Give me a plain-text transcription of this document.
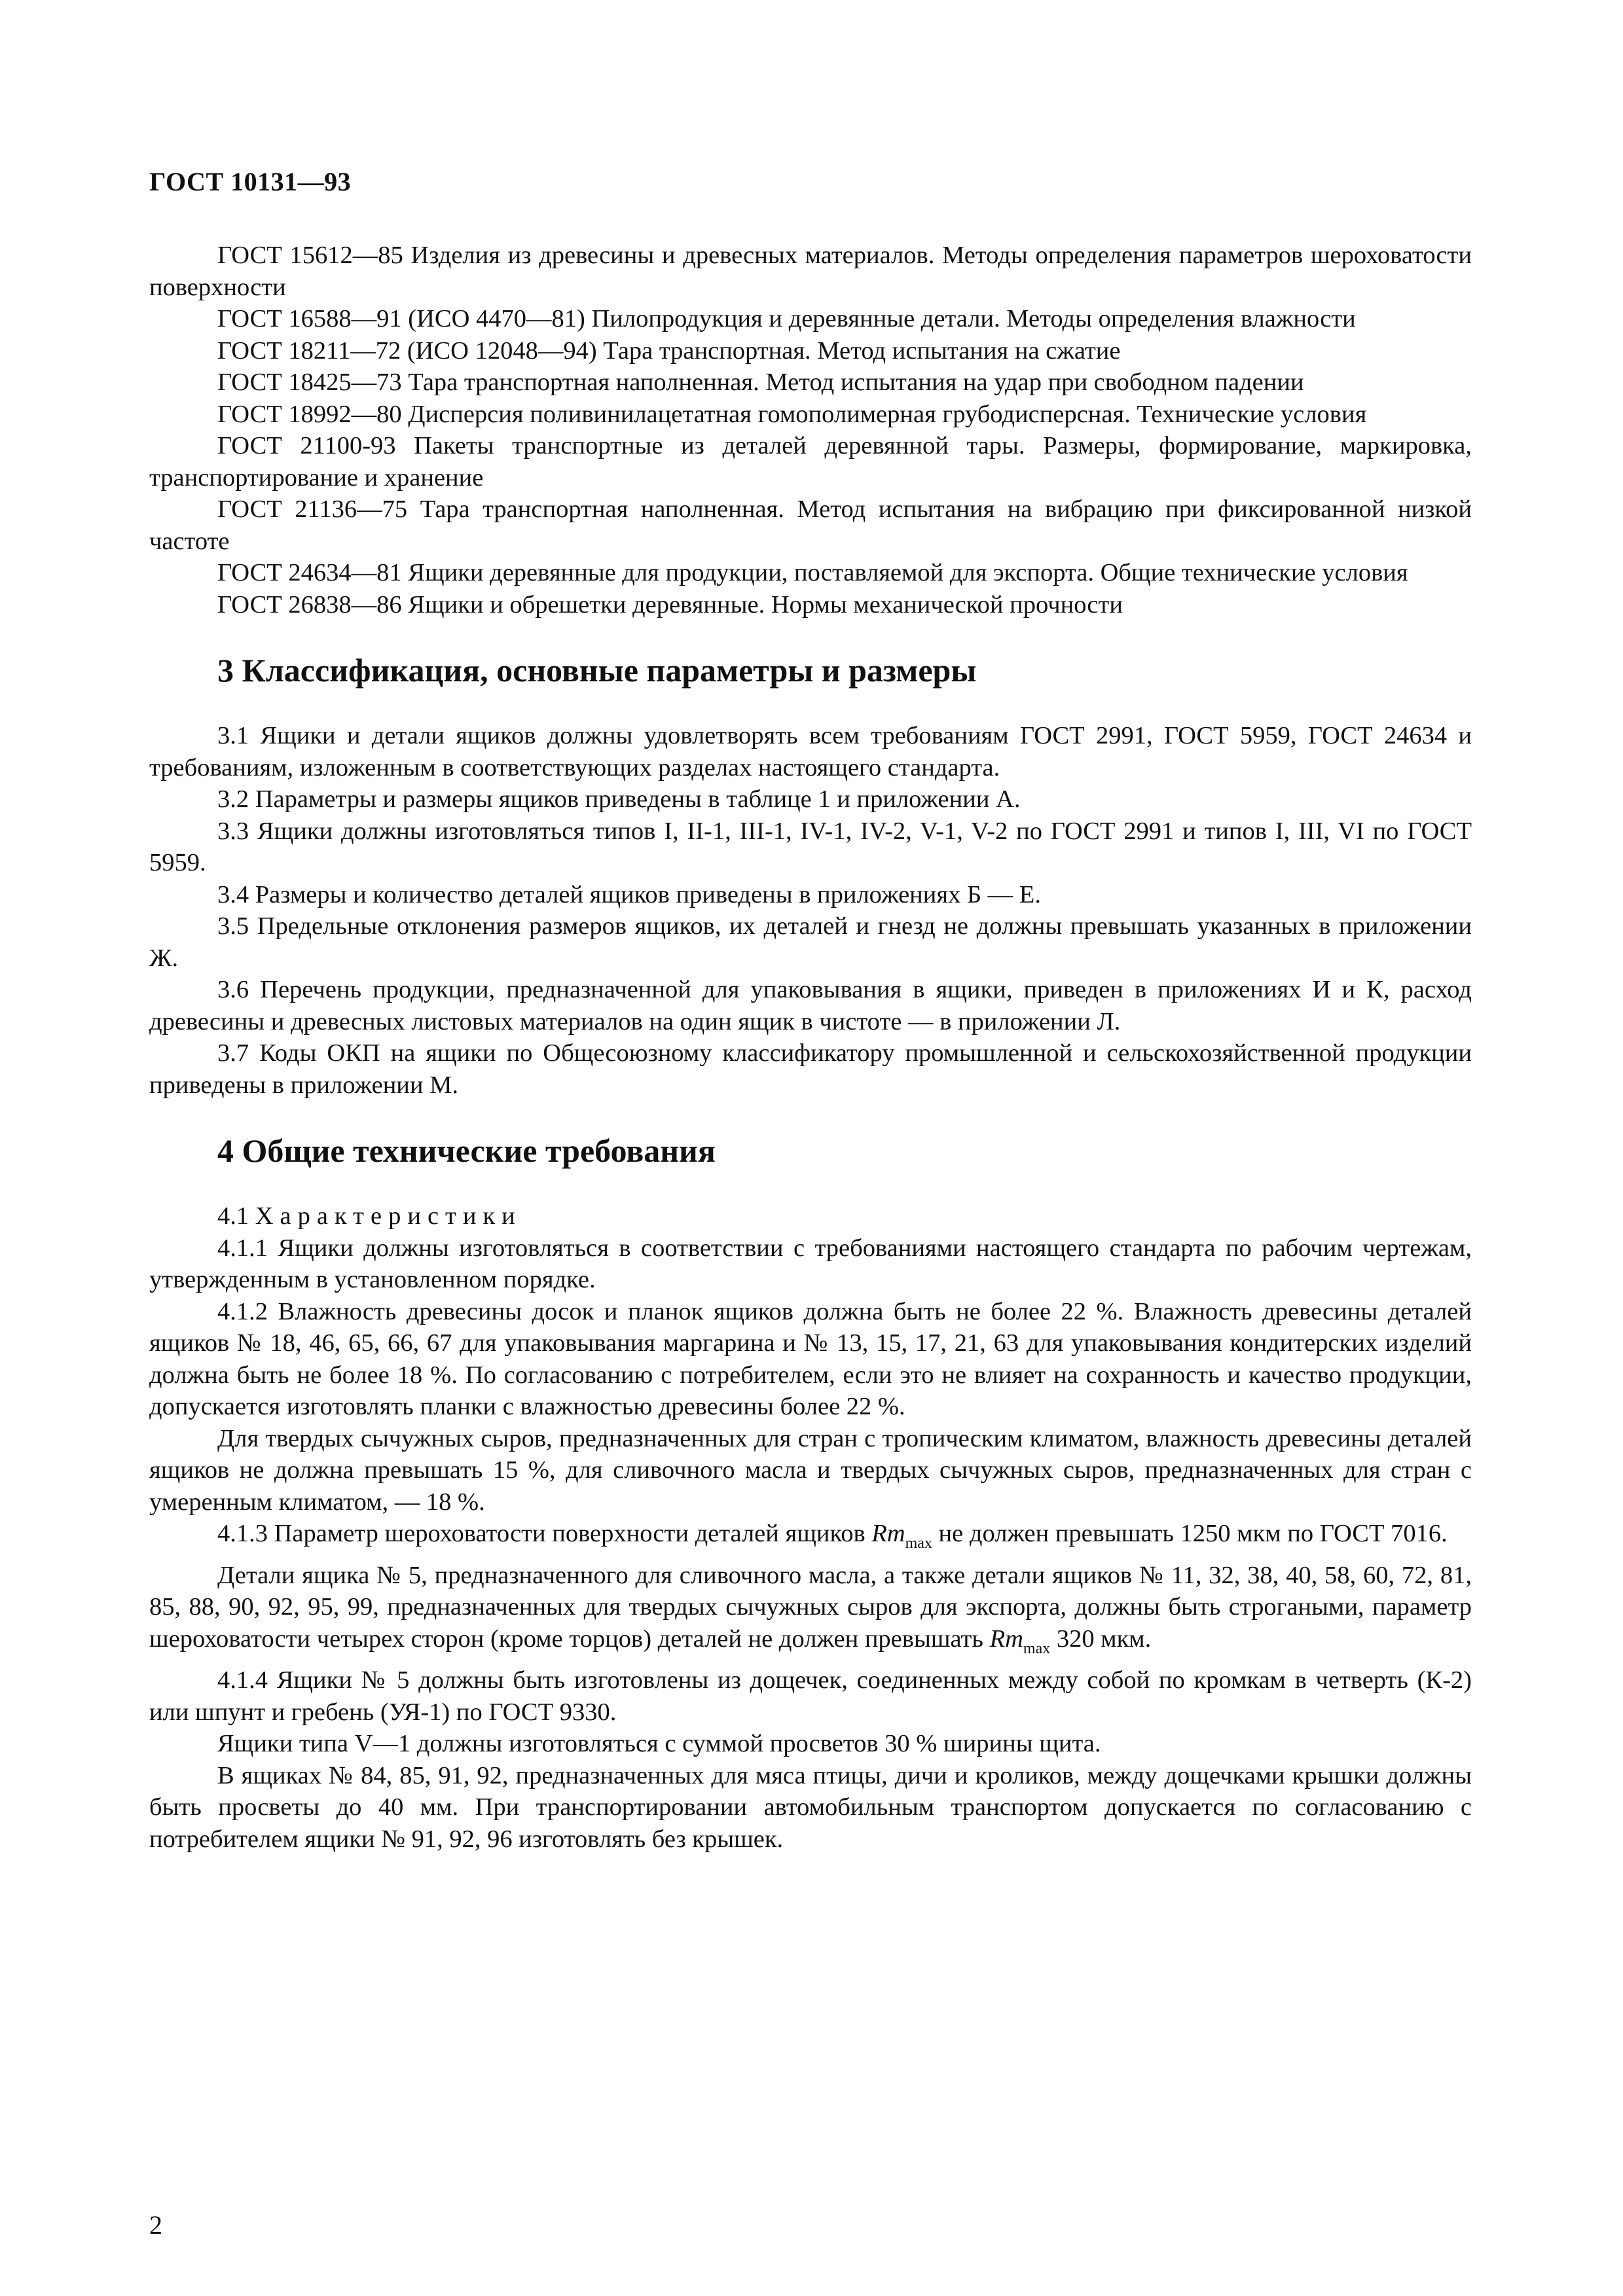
ГОСТ 10131—93

ГОСТ 15612—85 Изделия из древесины и древесных материалов. Методы определения параметров шероховатости поверхности

ГОСТ 16588—91 (ИСО 4470—81) Пилопродукция и деревянные детали. Методы определения влажности

ГОСТ 18211—72 (ИСО 12048—94) Тара транспортная. Метод испытания на сжатие

ГОСТ 18425—73 Тара транспортная наполненная. Метод испытания на удар при свободном падении

ГОСТ 18992—80 Дисперсия поливинилацетатная гомополимерная грубодисперсная. Технические условия

ГОСТ 21100-93 Пакеты транспортные из деталей деревянной тары. Размеры, формирование, маркировка, транспортирование и хранение

ГОСТ 21136—75 Тара транспортная наполненная. Метод испытания на вибрацию при фиксированной низкой частоте

ГОСТ 24634—81 Ящики деревянные для продукции, поставляемой для экспорта. Общие технические условия

ГОСТ 26838—86 Ящики и обрешетки деревянные. Нормы механической прочности

3 Классификация, основные параметры и размеры

3.1 Ящики и детали ящиков должны удовлетворять всем требованиям ГОСТ 2991, ГОСТ 5959, ГОСТ 24634 и требованиям, изложенным в соответствующих разделах настоящего стандарта.

3.2 Параметры и размеры ящиков приведены в таблице 1 и приложении А.

3.3 Ящики должны изготовляться типов I, II-1, III-1, IV-1, IV-2, V-1, V-2 по ГОСТ 2991 и типов I, III, VI по ГОСТ 5959.

3.4 Размеры и количество деталей ящиков приведены в приложениях Б — Е.

3.5 Предельные отклонения размеров ящиков, их деталей и гнезд не должны превышать указанных в приложении Ж.

3.6 Перечень продукции, предназначенной для упаковывания в ящики, приведен в приложениях И и К, расход древесины и древесных листовых материалов на один ящик в чистоте — в приложении Л.

3.7 Коды ОКП на ящики по Общесоюзному классификатору промышленной и сельскохозяйственной продукции приведены в приложении М.

4 Общие технические требования

4.1 Характеристики

4.1.1 Ящики должны изготовляться в соответствии с требованиями настоящего стандарта по рабочим чертежам, утвержденным в установленном порядке.

4.1.2 Влажность древесины досок и планок ящиков должна быть не более 22 %. Влажность древесины деталей ящиков № 18, 46, 65, 66, 67 для упаковывания маргарина и № 13, 15, 17, 21, 63 для упаковывания кондитерских изделий должна быть не более 18 %. По согласованию с потребителем, если это не влияет на сохранность и качество продукции, допускается изготовлять планки с влажностью древесины более 22 %.

Для твердых сычужных сыров, предназначенных для стран с тропическим климатом, влажность древесины деталей ящиков не должна превышать 15 %, для сливочного масла и твердых сычужных сыров, предназначенных для стран с умеренным климатом, — 18 %.

4.1.3 Параметр шероховатости поверхности деталей ящиков $Rm_{max}$ не должен превышать 1250 мкм по ГОСТ 7016.

Детали ящика № 5, предназначенного для сливочного масла, а также детали ящиков № 11, 32, 38, 40, 58, 60, 72, 81, 85, 88, 90, 92, 95, 99, предназначенных для твердых сычужных сыров для экспорта, должны быть строгаными, параметр шероховатости четырех сторон (кроме торцов) деталей не должен превышать $Rm_{max}$ 320 мкм.

4.1.4 Ящики № 5 должны быть изготовлены из дощечек, соединенных между собой по кромкам в четверть (К-2) или шпунт и гребень (УЯ-1) по ГОСТ 9330.

Ящики типа V—1 должны изготовляться с суммой просветов 30 % ширины щита.

В ящиках № 84, 85, 91, 92, предназначенных для мяса птицы, дичи и кроликов, между дощечками крышки должны быть просветы до 40 мм. При транспортировании автомобильным транспортом допускается по согласованию с потребителем ящики № 91, 92, 96 изготовлять без крышек.

2
